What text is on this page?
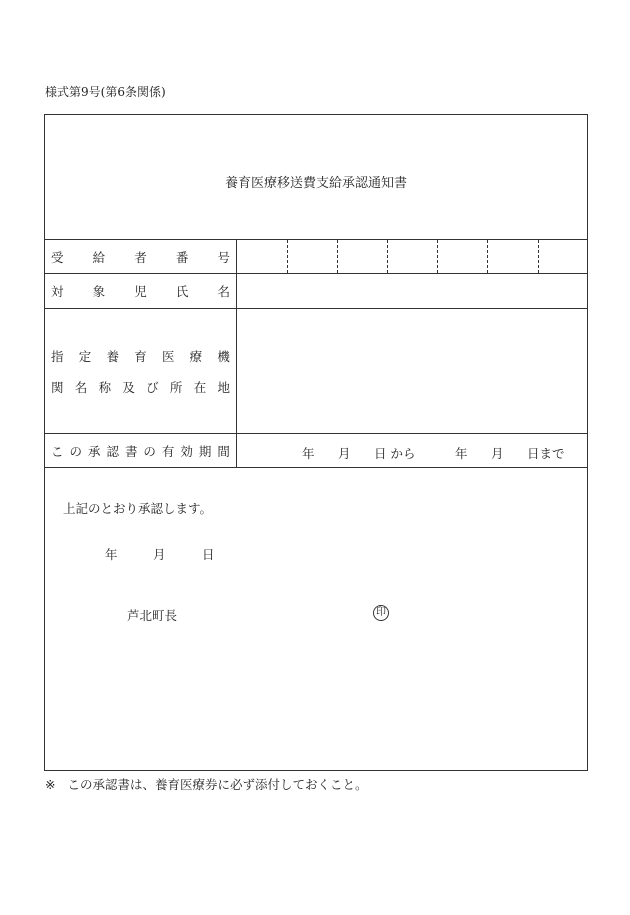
様式第9号(第6条関係)
養育医療移送費支給承認通知書
受 給 者 番 号
対 象 児 氏 名
指 定 養 育 医 療 機
関 名 称 及 び 所 在 地
こ の 承 認 書 の 有 効 期 間	年 月 日 から	年 月 日まで
上記のとおり承認します。
年	月	日
芦北町長	印
※ この承認書は、養育医療券に必ず添付しておくこと。
